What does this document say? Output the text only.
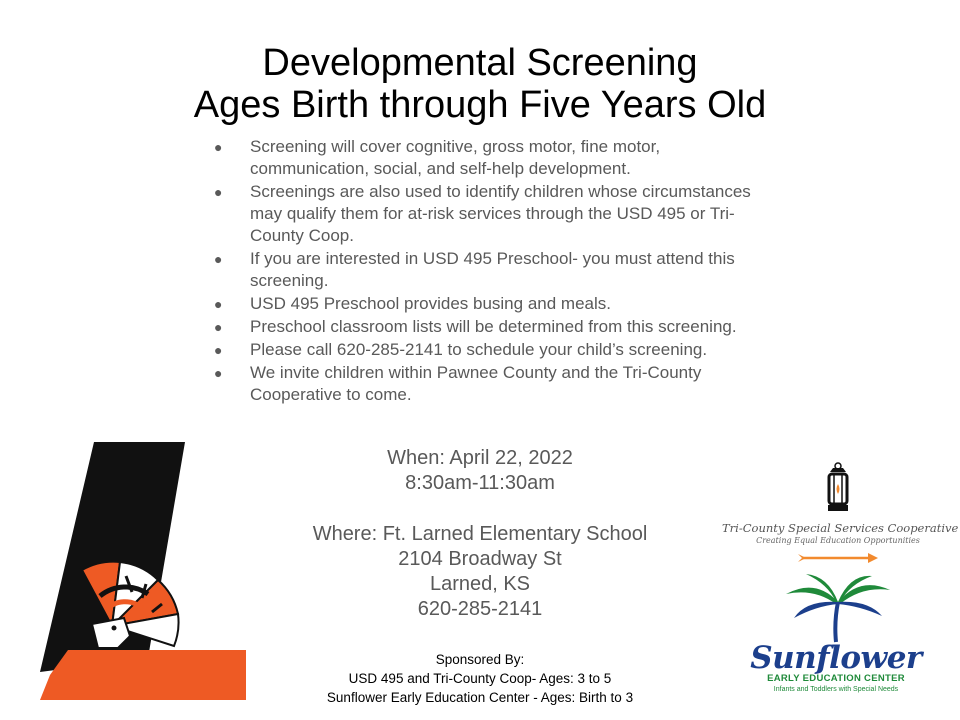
Developmental Screening
Ages Birth through Five Years Old
● Screening will cover cognitive, gross motor, fine motor, communication, social, and self-help development.
● Screenings are also used to identify children whose circumstances may qualify them for at-risk services through the USD 495 or Tri-County Coop.
● If you are interested in USD 495 Preschool- you must attend this screening.
● USD 495 Preschool provides busing and meals.
● Preschool classroom lists will be determined from this screening.
● Please call 620-285-2141 to schedule your child’s screening.
● We invite children within Pawnee County and the Tri-County Cooperative to come.
When: April 22, 2022
8:30am-11:30am
Where: Ft. Larned Elementary School
2104 Broadway St
Larned, KS
620-285-2141
Sponsored By:
USD 495 and Tri-County Coop- Ages: 3 to 5
Sunflower Early Education Center - Ages: Birth to 3
Tri-County Special Services Cooperative
Creating Equal Education Opportunities
Sunflower
EARLY EDUCATION CENTER
Infants and Toddlers with Special Needs
